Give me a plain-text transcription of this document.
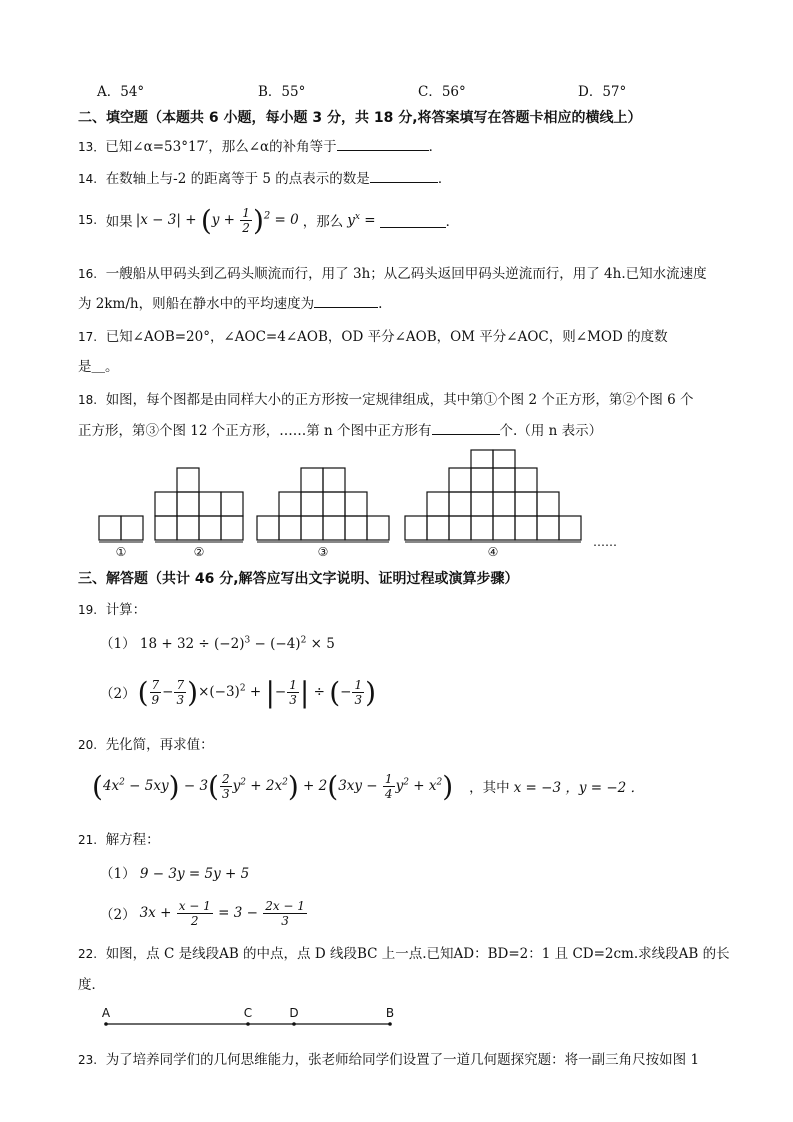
A．54°	B．55°	C．56°	D．57°
二、填空题（本题共 6 小题，每小题 3 分，共 18 分,将答案填写在答题卡相应的横线上）
13．已知∠α=53°17′，那么∠α的补角等于	．
14. 在数轴上与-2 的距离等于 5 的点表示的数是	．
15.
如果 $|x - 3| + (y + \frac{1}{2} )^2 = 0$ ，那么 $y^x$ =	．
16. 一艘船从甲码头到乙码头顺流而行，用了 3h；从乙码头返回甲码头逆流而行，用了 4h.已知水流速度
为 2km/h，则船在静水中的平均速度为	.
17. 已知∠AOB=20°，∠AOC=4∠AOB，OD 平分∠AOB，OM 平分∠AOC，则∠MOD 的度数
是＿。
18. 如图，每个图都是由同样大小的正方形按一定规律组成，其中第①个图 2 个正方形，第②个图 6 个
正方形，第③个图 12 个正方形，……第 n 个图中正方形有	个.（用 n 表示）
①	②	③	④
……
三、解答题（共计 46 分,解答应写出文字说明、证明过程或演算步骤）
19. 计算：
（1） $18 + 32 \div (-2)^3 - (-4)^2 \times 5$
（2） ( $\frac{7}{9} - \frac{7}{3} )\times(-3)^2$ + |− $\frac{1}{3}$ | ÷ (− $\frac{1}{3}$ )
20. 先化简，再求值：
$(4x^2 - 5xy) - 3( \frac{2}{3} y^2 + 2x^2) + 2(3xy - \frac{1}{4} y^2 + x^2)$ ，其中 x = −3 ，y = −2 ．
21. 解方程：
（1） 9 − 3y = 5y + 5
（2） $3x + \frac{x - 1}{2} = 3 - \frac{2x - 1}{3}$
22. 如图，点 C 是线段AB 的中点，点 D 线段BC 上一点.已知AD：BD=2：1 且 CD=2cm.求线段AB 的长
度．
A	C	D	B
23. 为了培养同学们的几何思维能力，张老师给同学们设置了一道几何题探究题：将一副三角尺按如图 1
